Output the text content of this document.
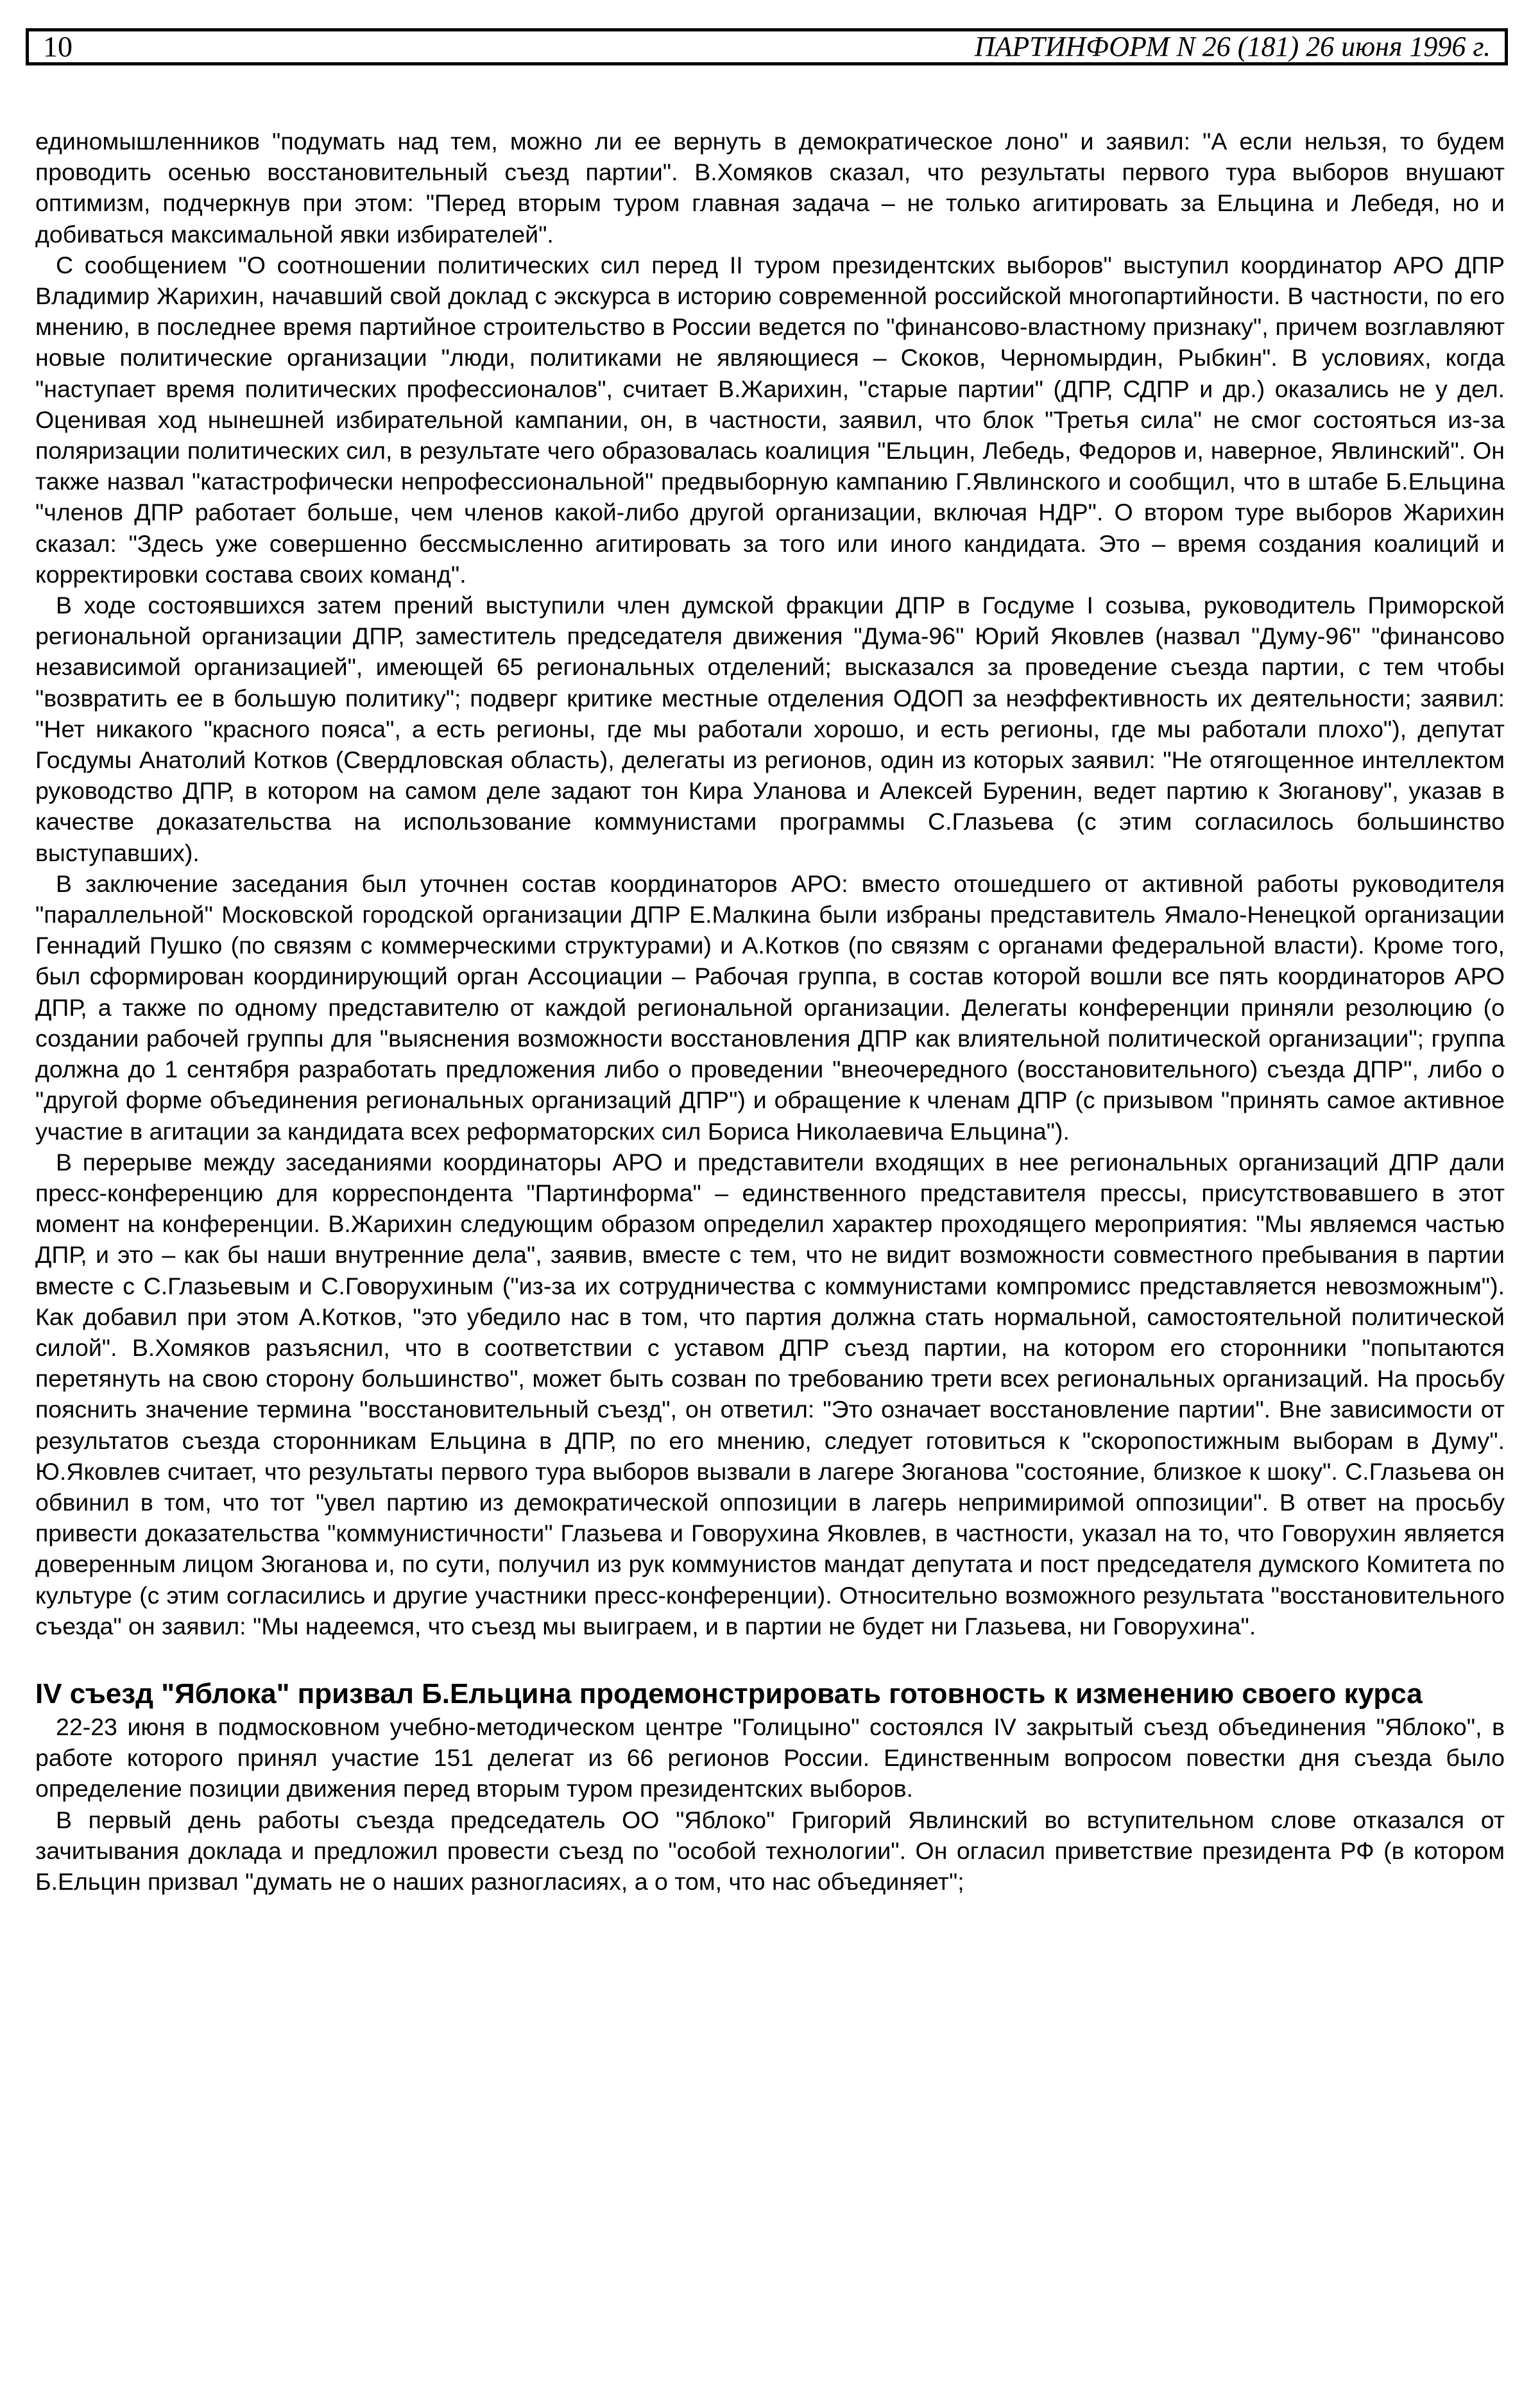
10	ПАРТИНФОРМ N 26 (181) 26 июня 1996 г.

единомышленников "подумать над тем, можно ли ее вернуть в демократическое лоно" и заявил: "А если нельзя, то будем проводить осенью восстановительный съезд партии". В.Хомяков сказал, что результаты первого тура выборов внушают оптимизм, подчеркнув при этом: "Перед вторым туром главная задача – не только агитировать за Ельцина и Лебедя, но и добиваться максимальной явки избирателей".

С сообщением "О соотношении политических сил перед II туром президентских выборов" выступил координатор АРО ДПР Владимир Жарихин, начавший свой доклад с экскурса в историю современной российской многопартийности. В частности, по его мнению, в последнее время партийное строительство в России ведется по "финансово-властному признаку", причем возглавляют новые политические организации "люди, политиками не являющиеся – Скоков, Черномырдин, Рыбкин". В условиях, когда "наступает время политических профессионалов", считает В.Жарихин, "старые партии" (ДПР, СДПР и др.) оказались не у дел. Оценивая ход нынешней избирательной кампании, он, в частности, заявил, что блок "Третья сила" не смог состояться из-за поляризации политических сил, в результате чего образовалась коалиция "Ельцин, Лебедь, Федоров и, наверное, Явлинский". Он также назвал "катастрофически непрофессиональной" предвыборную кампанию Г.Явлинского и сообщил, что в штабе Б.Ельцина "членов ДПР работает больше, чем членов какой-либо другой организации, включая НДР". О втором туре выборов Жарихин сказал: "Здесь уже совершенно бессмысленно агитировать за того или иного кандидата. Это – время создания коалиций и корректировки состава своих команд".

В ходе состоявшихся затем прений выступили член думской фракции ДПР в Госдуме I созыва, руководитель Приморской региональной организации ДПР, заместитель председателя движения "Дума-96" Юрий Яковлев (назвал "Думу-96" "финансово независимой организацией", имеющей 65 региональных отделений; высказался за проведение съезда партии, с тем чтобы "возвратить ее в большую политику"; подверг критике местные отделения ОДОП за неэффективность их деятельности; заявил: "Нет никакого "красного пояса", а есть регионы, где мы работали хорошо, и есть регионы, где мы работали плохо"), депутат Госдумы Анатолий Котков (Свердловская область), делегаты из регионов, один из которых заявил: "Не отягощенное интеллектом руководство ДПР, в котором на самом деле задают тон Кира Уланова и Алексей Буренин, ведет партию к Зюганову", указав в качестве доказательства на использование коммунистами программы С.Глазьева (с этим согласилось большинство выступавших).

В заключение заседания был уточнен состав координаторов АРО: вместо отошедшего от активной работы руководителя "параллельной" Московской городской организации ДПР Е.Малкина были избраны представитель Ямало-Ненецкой организации Геннадий Пушко (по связям с коммерческими структурами) и А.Котков (по связям с органами федеральной власти). Кроме того, был сформирован координирующий орган Ассоциации – Рабочая группа, в состав которой вошли все пять координаторов АРО ДПР, а также по одному представителю от каждой региональной организации. Делегаты конференции приняли резолюцию (о создании рабочей группы для "выяснения возможности восстановления ДПР как влиятельной политической организации"; группа должна до 1 сентября разработать предложения либо о проведении "внеочередного (восстановительного) съезда ДПР", либо о "другой форме объединения региональных организаций ДПР") и обращение к членам ДПР (с призывом "принять самое активное участие в агитации за кандидата всех реформаторских сил Бориса Николаевича Ельцина").

В перерыве между заседаниями координаторы АРО и представители входящих в нее региональных организаций ДПР дали пресс-конференцию для корреспондента "Партинформа" – единственного представителя прессы, присутствовавшего в этот момент на конференции. В.Жарихин следующим образом определил характер проходящего мероприятия: "Мы являемся частью ДПР, и это – как бы наши внутренние дела", заявив, вместе с тем, что не видит возможности совместного пребывания в партии вместе с С.Глазьевым и С.Говорухиным ("из-за их сотрудничества с коммунистами компромисс представляется невозможным"). Как добавил при этом А.Котков, "это убедило нас в том, что партия должна стать нормальной, самостоятельной политической силой". В.Хомяков разъяснил, что в соответствии с уставом ДПР съезд партии, на котором его сторонники "попытаются перетянуть на свою сторону большинство", может быть созван по требованию трети всех региональных организаций. На просьбу пояснить значение термина "восстановительный съезд", он ответил: "Это означает восстановление партии". Вне зависимости от результатов съезда сторонникам Ельцина в ДПР, по его мнению, следует готовиться к "скоропостижным выборам в Думу". Ю.Яковлев считает, что результаты первого тура выборов вызвали в лагере Зюганова "состояние, близкое к шоку". С.Глазьева он обвинил в том, что тот "увел партию из демократической оппозиции в лагерь непримиримой оппозиции". В ответ на просьбу привести доказательства "коммунистичности" Глазьева и Говорухина Яковлев, в частности, указал на то, что Говорухин является доверенным лицом Зюганова и, по сути, получил из рук коммунистов мандат депутата и пост председателя думского Комитета по культуре (с этим согласились и другие участники пресс-конференции). Относительно возможного результата "восстановительного съезда" он заявил: "Мы надеемся, что съезд мы выиграем, и в партии не будет ни Глазьева, ни Говорухина".

IV съезд "Яблока" призвал Б.Ельцина продемонстрировать готовность к изменению своего курса

22-23 июня в подмосковном учебно-методическом центре "Голицыно" состоялся IV закрытый съезд объединения "Яблоко", в работе которого принял участие 151 делегат из 66 регионов России. Единственным вопросом повестки дня съезда было определение позиции движения перед вторым туром президентских выборов.

В первый день работы съезда председатель ОО "Яблоко" Григорий Явлинский во вступительном слове отказался от зачитывания доклада и предложил провести съезд по "особой технологии". Он огласил приветствие президента РФ (в котором Б.Ельцин призвал "думать не о наших разногласиях, а о том, что нас объединяет";
